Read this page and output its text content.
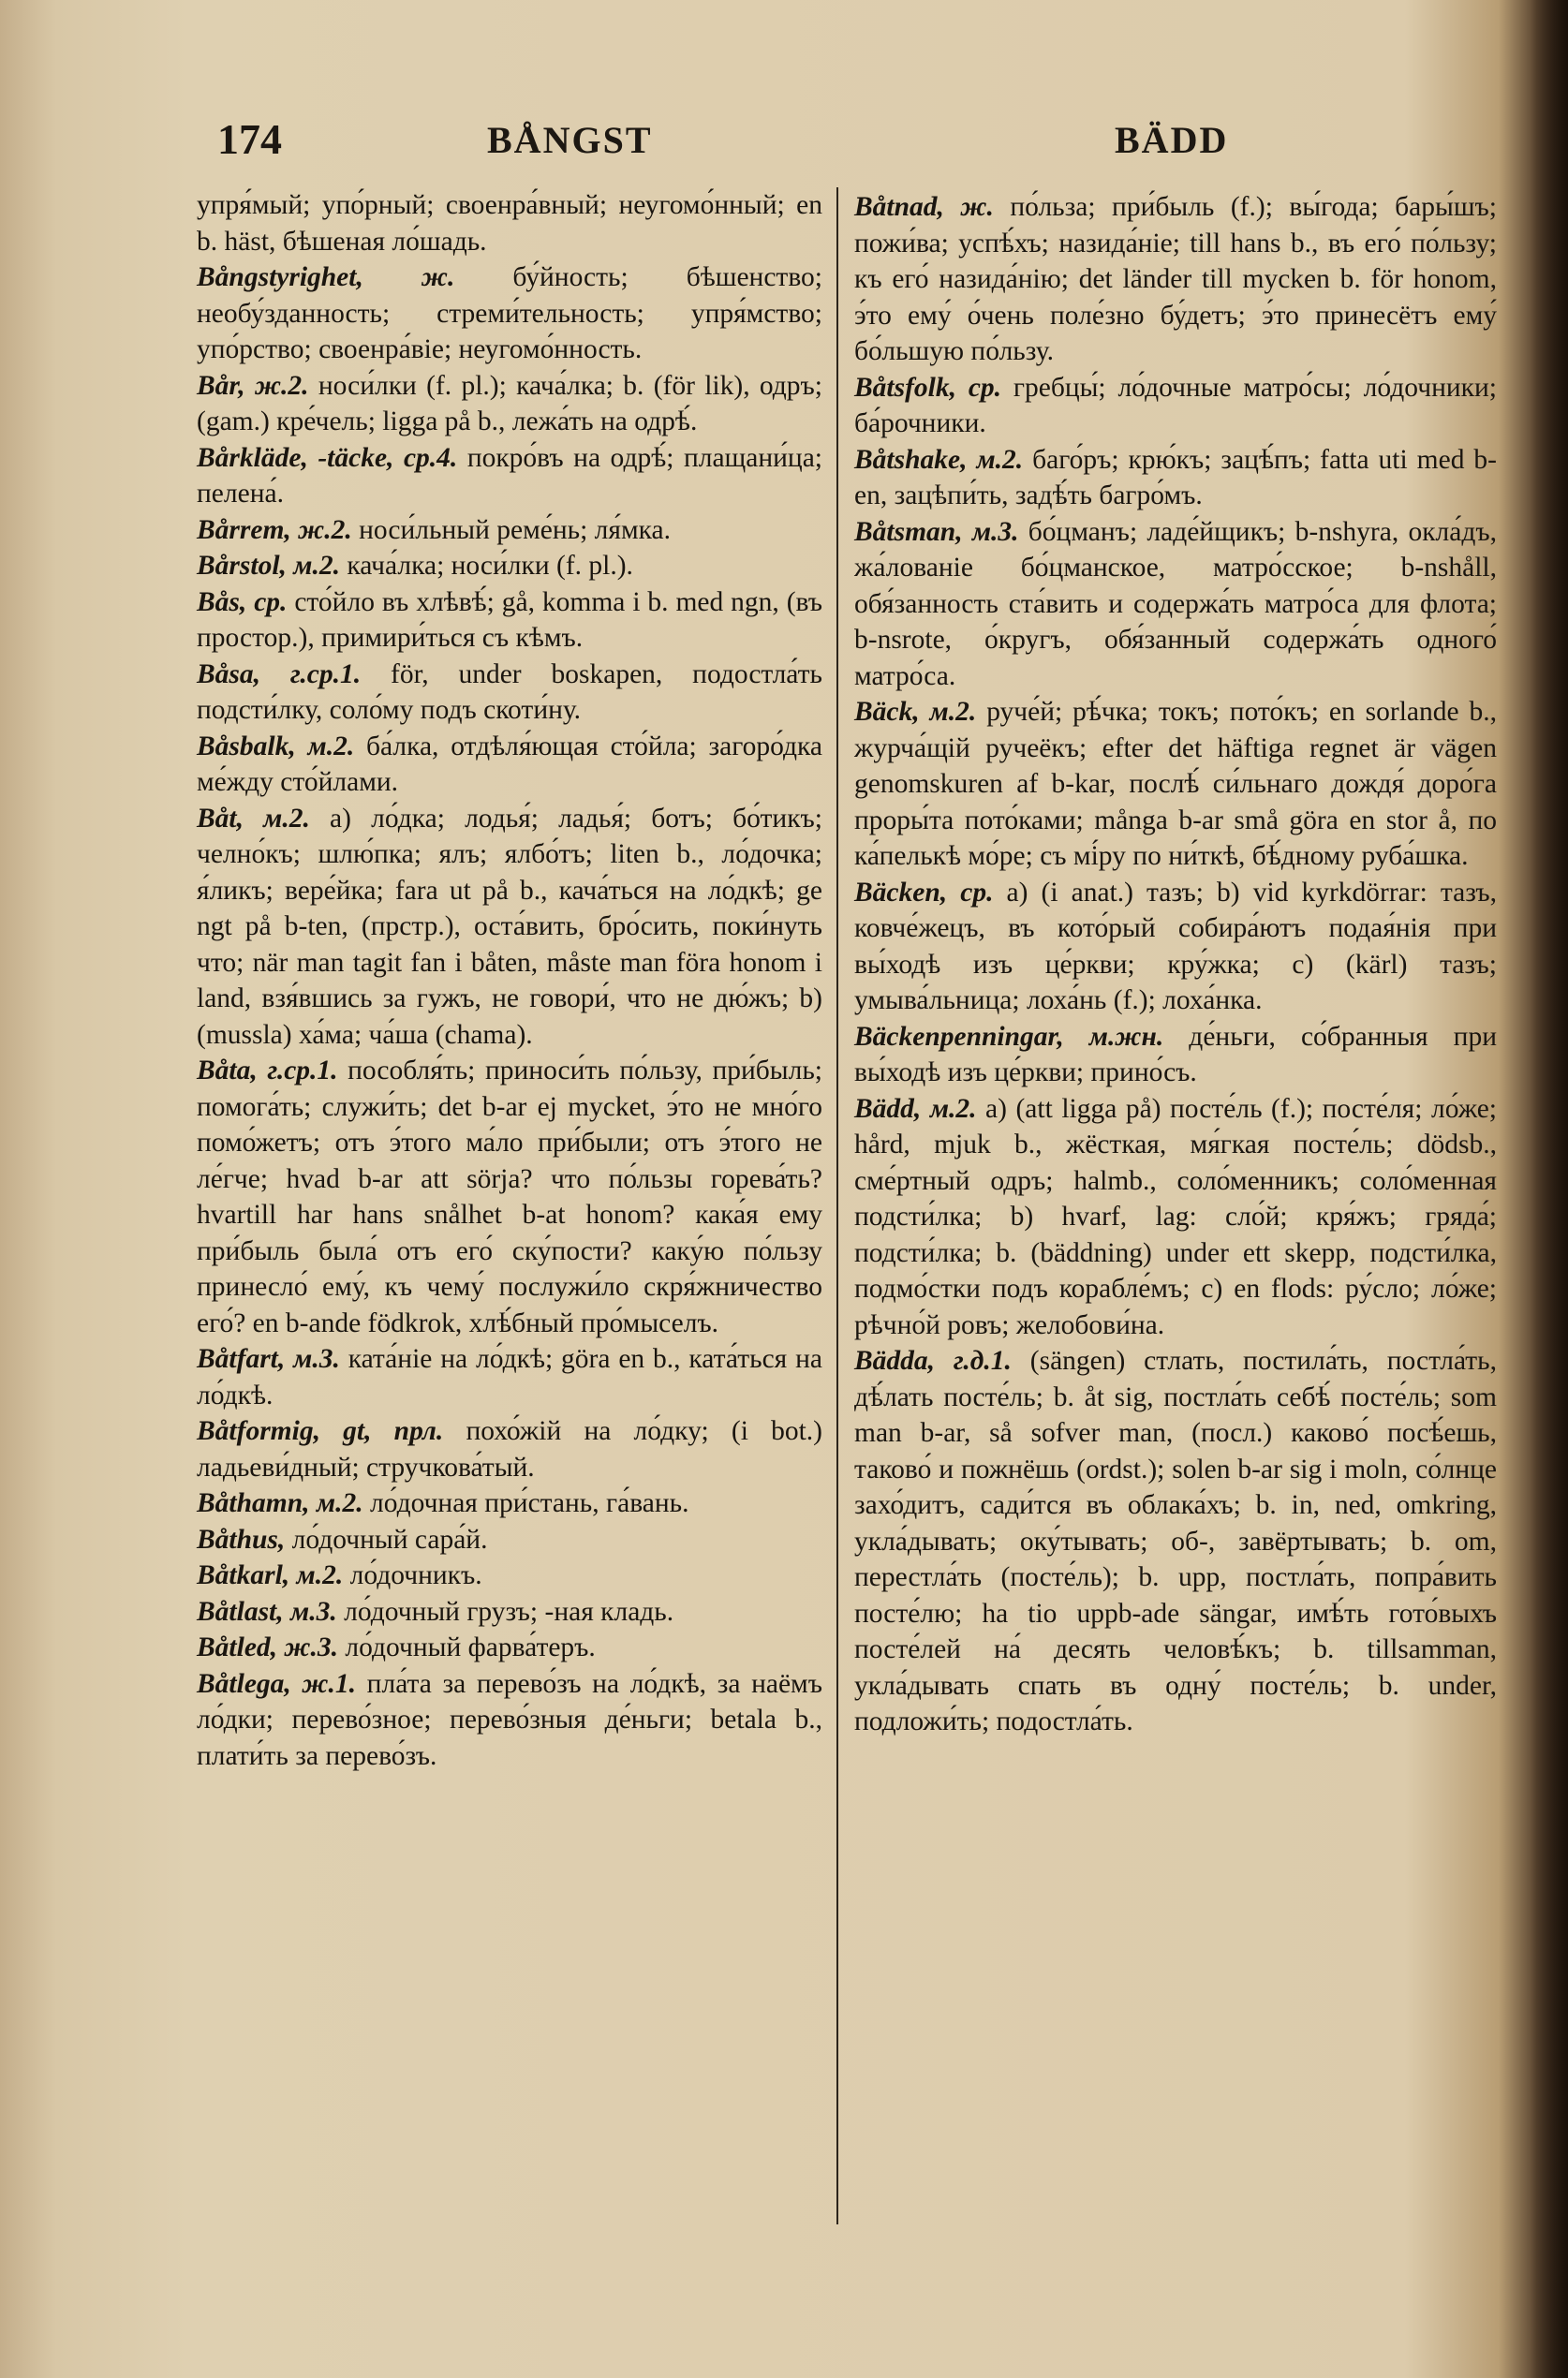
174	BÅNGST	BÄDD

упря́мый; упо́рный; своенра́вный; неугомо́нный; en b. häst, бѣшеная ло́шадь.

Bångstyrighet, ж. бу́йность; бѣшенство; необу́зданность; стреми́тельность; упря́мство; упо́рство; своенра́віе; неугомо́нность.

Bår, ж.2. носи́лки (f. pl.); кача́лка; b. (för lik), одръ; (gam.) кре́чель; ligga på b., лежа́ть на одрѣ́.

Bårkläde, -täcke, ср.4. покро́въ на одрѣ́; плащани́ца; пелена́.

Bårrem, ж.2. носи́льный реме́нь; ля́мка.

Bårstol, м.2. кача́лка; носи́лки (f. pl.).

Bås, ср. сто́йло въ хлѣвѣ́; gå, komma i b. med ngn, (въ простор.), примири́ться съ кѣмъ.

Båsa, г.ср.1. för, under boskapen, подостла́ть подсти́лку, соло́му подъ скоти́ну.

Båsbalk, м.2. ба́лка, отдѣля́ющая сто́йла; загоро́дка ме́жду сто́йлами.

Båt, м.2. a) ло́дка; лодья́; ладья́; ботъ; бо́тикъ; челно́къ; шлю́пка; ялъ; ялбо́тъ; liten b., ло́дочка; я́ликъ; вере́йка; fara ut på b., кача́ться на ло́дкѣ; ge ngt på b-ten, (прстр.), оста́вить, бро́сить, поки́нуть что; när man tagit fan i båten, måste man föra honom i land, взя́вшись за гужъ, не говори́, что не дю́жъ; b) (mussla) ха́ма; ча́ша (chama).

Båta, г.ср.1. пособля́ть; приноси́ть по́льзу, при́быль; помога́ть; служи́ть; det b-ar ej mycket, э́то не мно́го помо́жетъ; отъ э́того ма́ло при́были; отъ э́того не ле́гче; hvad b-ar att sörja? что по́льзы горева́ть? hvartill har hans snålhet b-at honom? кака́я ему при́быль была́ отъ его́ ску́пости? каку́ю по́льзу принесло́ ему́, къ чему́ послужи́ло скря́жничество его́? en b-ande födkrok, хлѣ́бный про́мыселъ.

Båtfart, м.3. ката́ніе на ло́дкѣ; göra en b., ката́ться на ло́дкѣ.

Båtformig, gt, прл. похо́жій на ло́дку; (i bot.) ладьеви́дный; стручкова́тый.

Båthamn, м.2. ло́дочная при́стань, га́вань.

Båthus, ло́дочный сара́й.

Båtkarl, м.2. ло́дочникъ.

Båtlast, м.3. ло́дочный грузъ; -ная кладь.

Båtled, ж.3. ло́дочный фарва́теръ.

Båtlega, ж.1. пла́та за перево́зъ на ло́дкѣ, за наёмъ ло́дки; перево́зное; перево́зныя де́ньги; betala b., плати́ть за перево́зъ.

Båtnad, ж. по́льза; при́быль (f.); вы́года; бары́шъ; пожи́ва; успѣ́хъ; назида́ніе; till hans b., въ его́ по́льзу; къ его́ назида́нію; det länder till mycken b. för honom, э́то ему́ о́чень поле́зно бу́детъ; э́то принесётъ ему́ бо́льшую по́льзу.

Båtsfolk, ср. гребцы́; ло́дочные матро́сы; ло́дочники; ба́рочники.

Båtshake, м.2. баго́ръ; крю́къ; зацѣ́пъ; fatta uti med b-en, зацѣпи́ть, задѣ́ть багро́мъ.

Båtsman, м.3. бо́цманъ; ладе́йщикъ; b-nshyra, окла́дъ, жа́лованіе бо́цманское, матро́сское; b-nshåll, обя́занность ста́вить и содержа́ть матро́са для флота; b-nsrote, о́кругъ, обя́занный содержа́ть одного́ матро́са.

Bäck, м.2. руче́й; рѣ́чка; токъ; пото́къ; en sorlande b., журча́щій ручеёкъ; efter det häftiga regnet är vägen genomskuren af b-kar, послѣ́ си́льнаго дождя́ доро́га проры́та пото́ками; många b-ar små göra en stor å, по ка́пелькѣ мо́ре; съ мі́ру по ни́ткѣ, бѣ́дному руба́шка.

Bäcken, ср. a) (i anat.) тазъ; b) vid kyrkdörrar: тазъ, ковче́жецъ, въ кото́рый собира́ютъ подая́нія при вы́ходѣ изъ це́ркви; кру́жка; c) (kärl) тазъ; умыва́льница; лоха́нь (f.); лоха́нка.

Bäckenpenningar, м.жн. де́ньги, со́бранныя при вы́ходѣ изъ це́ркви; прино́съ.

Bädd, м.2. a) (att ligga på) посте́ль (f.); посте́ля; ло́же; hård, mjuk b., жёсткая, мя́гкая посте́ль; dödsb., сме́ртный одръ; halmb., соло́менникъ; соло́менная подсти́лка; b) hvarf, lag: сло́й; кря́жъ; гряда́; подсти́лка; b. (bäddning) under ett skepp, подсти́лка, подмо́стки подъ корабле́мъ; c) en flods: ру́сло; ло́же; рѣчно́й ровъ; желобови́на.

Bädda, г.д.1. (sängen) стлать, постила́ть, постла́ть, дѣ́лать посте́ль; b. åt sig, постла́ть себѣ́ посте́ль; som man b-ar, så sofver man, (посл.) каково́ посѣ́ешь, таково́ и пожнёшь (ordst.); solen b-ar sig i moln, со́лнце захо́дитъ, сади́тся въ облака́хъ; b. in, ned, omkring, укла́дывать; оку́тывать; об-, завёртывать; b. om, перестла́ть (посте́ль); b. upp, постла́ть, попра́вить посте́лю; ha tio uppb-ade sängar, имѣ́ть гото́выхъ посте́лей на́ десять человѣ́къ; b. tillsamman, укла́дывать спать въ одну́ посте́ль; b. under, подложи́ть; подостла́ть.
